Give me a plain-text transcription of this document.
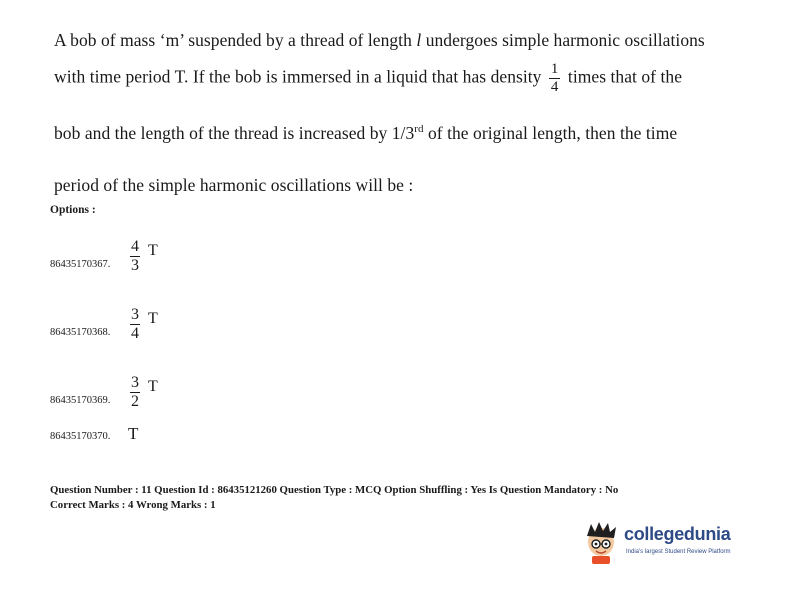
A bob of mass ‘m’ suspended by a thread of length l undergoes simple harmonic oscillations
with time period T. If the bob is immersed in a liquid that has density $\frac{1}{4}$ times that of the
bob and the length of the thread is increased by 1/3rd of the original length, then the time
period of the simple harmonic oscillations will be :
Options :
86435170367. $\frac{4}{3}$ T
86435170368. $\frac{3}{4}$ T
86435170369. $\frac{3}{2}$ T
86435170370. T
Question Number : 11 Question Id : 86435121260 Question Type : MCQ Option Shuffling : Yes Is Question Mandatory : No
Correct Marks : 4 Wrong Marks : 1
collegedunia
India's largest Student Review Platform
